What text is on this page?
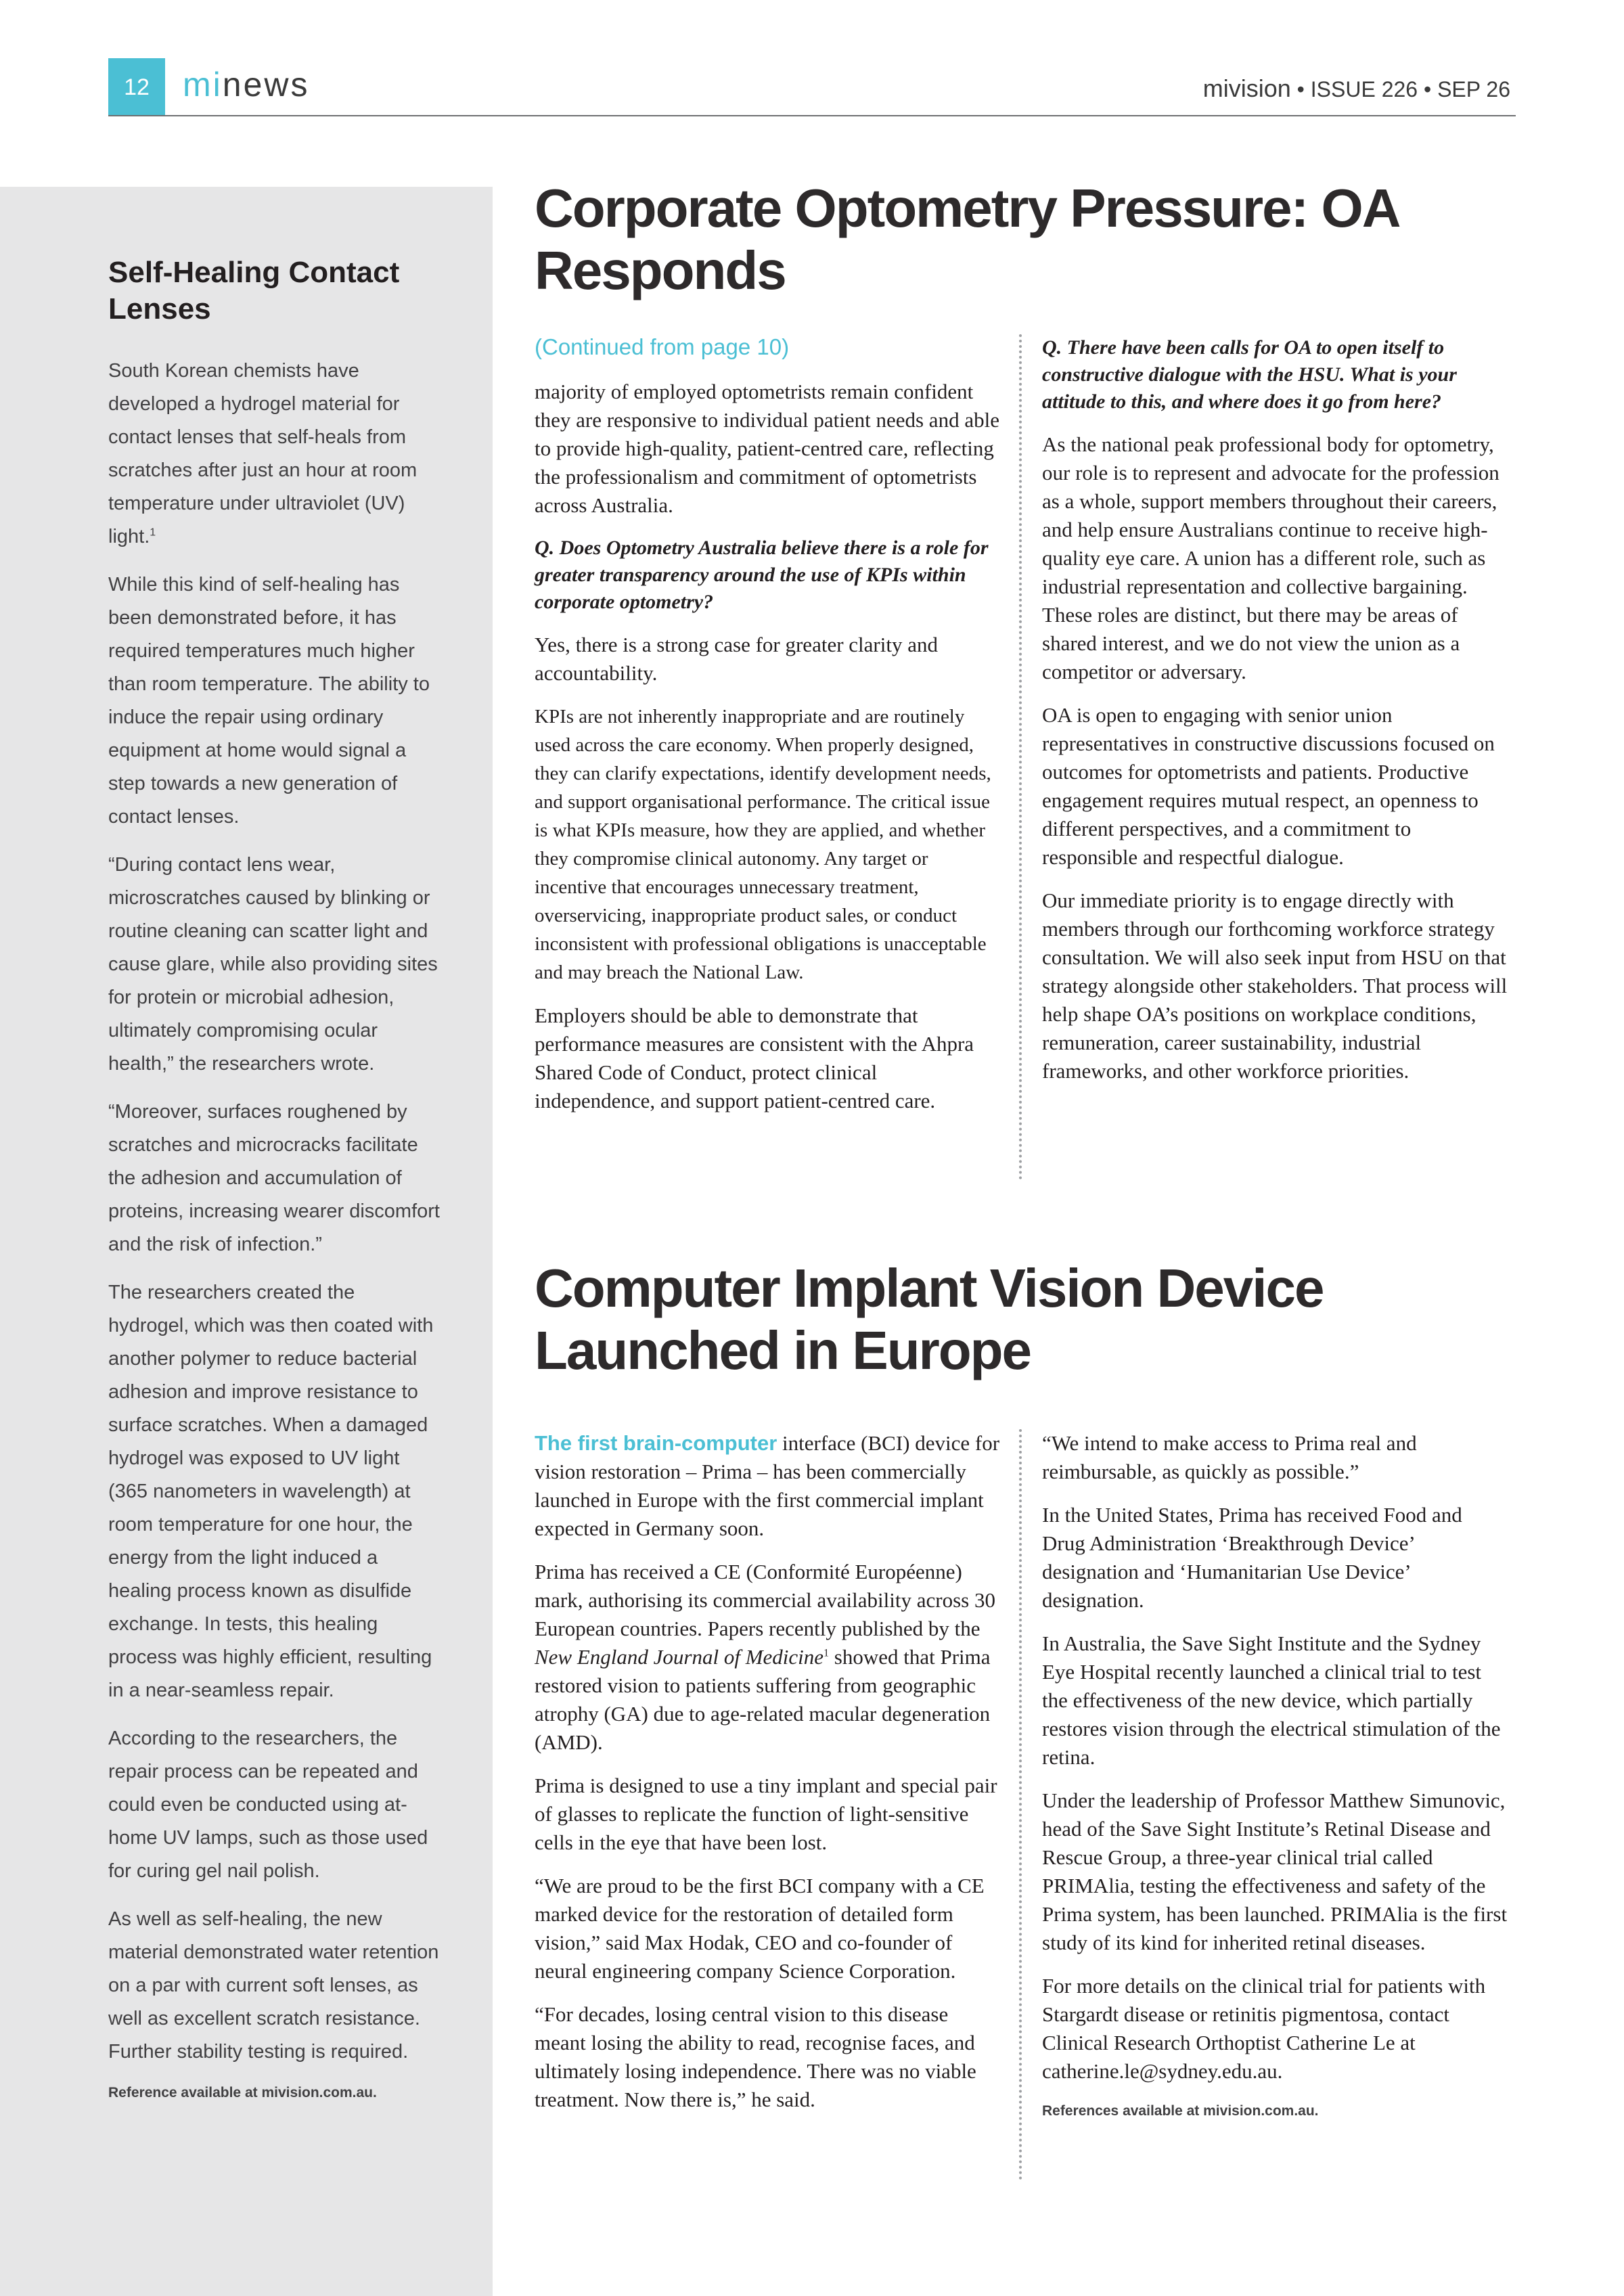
12 minews	mivision • ISSUE 226 • SEP 26
Self-Healing Contact Lenses

South Korean chemists have developed a hydrogel material for contact lenses that self-heals from scratches after just an hour at room temperature under ultraviolet (UV) light.$^1$

While this kind of self-healing has been demonstrated before, it has required temperatures much higher than room temperature. The ability to induce the repair using ordinary equipment at home would signal a step towards a new generation of contact lenses.

“During contact lens wear, microscratches caused by blinking or routine cleaning can scatter light and cause glare, while also providing sites for protein or microbial adhesion, ultimately compromising ocular health,” the researchers wrote.

“Moreover, surfaces roughened by scratches and microcracks facilitate the adhesion and accumulation of proteins, increasing wearer discomfort and the risk of infection.”

The researchers created the hydrogel, which was then coated with another polymer to reduce bacterial adhesion and improve resistance to surface scratches. When a damaged hydrogel was exposed to UV light (365 nanometers in wavelength) at room temperature for one hour, the energy from the light induced a healing process known as disulfide exchange. In tests, this healing process was highly efficient, resulting in a near-seamless repair.

According to the researchers, the repair process can be repeated and could even be conducted using at-home UV lamps, such as those used for curing gel nail polish.

As well as self-healing, the new material demonstrated water retention on a par with current soft lenses, as well as excellent scratch resistance. Further stability testing is required.

Reference available at mivision.com.au.
Corporate Optometry Pressure: OA Responds

(Continued from page 10)

majority of employed optometrists remain confident they are responsive to individual patient needs and able to provide high-quality, patient-centred care, reflecting the professionalism and commitment of optometrists across Australia.

Q. Does Optometry Australia believe there is a role for greater transparency around the use of KPIs within corporate optometry?

Yes, there is a strong case for greater clarity and accountability.

KPIs are not inherently inappropriate and are routinely used across the care economy. When properly designed, they can clarify expectations, identify development needs, and support organisational performance. The critical issue is what KPIs measure, how they are applied, and whether they compromise clinical autonomy. Any target or incentive that encourages unnecessary treatment, overservicing, inappropriate product sales, or conduct inconsistent with professional obligations is unacceptable and may breach the National Law.

Employers should be able to demonstrate that performance measures are consistent with the Ahpra Shared Code of Conduct, protect clinical independence, and support patient-centred care.

Q. There have been calls for OA to open itself to constructive dialogue with the HSU. What is your attitude to this, and where does it go from here?

As the national peak professional body for optometry, our role is to represent and advocate for the profession as a whole, support members throughout their careers, and help ensure Australians continue to receive high-quality eye care. A union has a different role, such as industrial representation and collective bargaining. These roles are distinct, but there may be areas of shared interest, and we do not view the union as a competitor or adversary.

OA is open to engaging with senior union representatives in constructive discussions focused on outcomes for optometrists and patients. Productive engagement requires mutual respect, an openness to different perspectives, and a commitment to responsible and respectful dialogue.

Our immediate priority is to engage directly with members through our forthcoming workforce strategy consultation. We will also seek input from HSU on that strategy alongside other stakeholders. That process will help shape OA’s positions on workplace conditions, remuneration, career sustainability, industrial frameworks, and other workforce priorities.

Computer Implant Vision Device Launched in Europe

The first brain-computer interface (BCI) device for vision restoration – Prima – has been commercially launched in Europe with the first commercial implant expected in Germany soon.

Prima has received a CE (Conformité Européenne) mark, authorising its commercial availability across 30 European countries. Papers recently published by the New England Journal of Medicine$^1$ showed that Prima restored vision to patients suffering from geographic atrophy (GA) due to age-related macular degeneration (AMD).

Prima is designed to use a tiny implant and special pair of glasses to replicate the function of light-sensitive cells in the eye that have been lost.

“We are proud to be the first BCI company with a CE marked device for the restoration of detailed form vision,” said Max Hodak, CEO and co-founder of neural engineering company Science Corporation.

“For decades, losing central vision to this disease meant losing the ability to read, recognise faces, and ultimately losing independence. There was no viable treatment. Now there is,” he said.

“We intend to make access to Prima real and reimbursable, as quickly as possible.”

In the United States, Prima has received Food and Drug Administration ‘Breakthrough Device’ designation and ‘Humanitarian Use Device’ designation.

In Australia, the Save Sight Institute and the Sydney Eye Hospital recently launched a clinical trial to test the effectiveness of the new device, which partially restores vision through the electrical stimulation of the retina.

Under the leadership of Professor Matthew Simunovic, head of the Save Sight Institute’s Retinal Disease and Rescue Group, a three-year clinical trial called PRIMAlia, testing the effectiveness and safety of the Prima system, has been launched. PRIMAlia is the first study of its kind for inherited retinal diseases.

For more details on the clinical trial for patients with Stargardt disease or retinitis pigmentosa, contact Clinical Research Orthoptist Catherine Le at catherine.le@sydney.edu.au.

References available at mivision.com.au.
